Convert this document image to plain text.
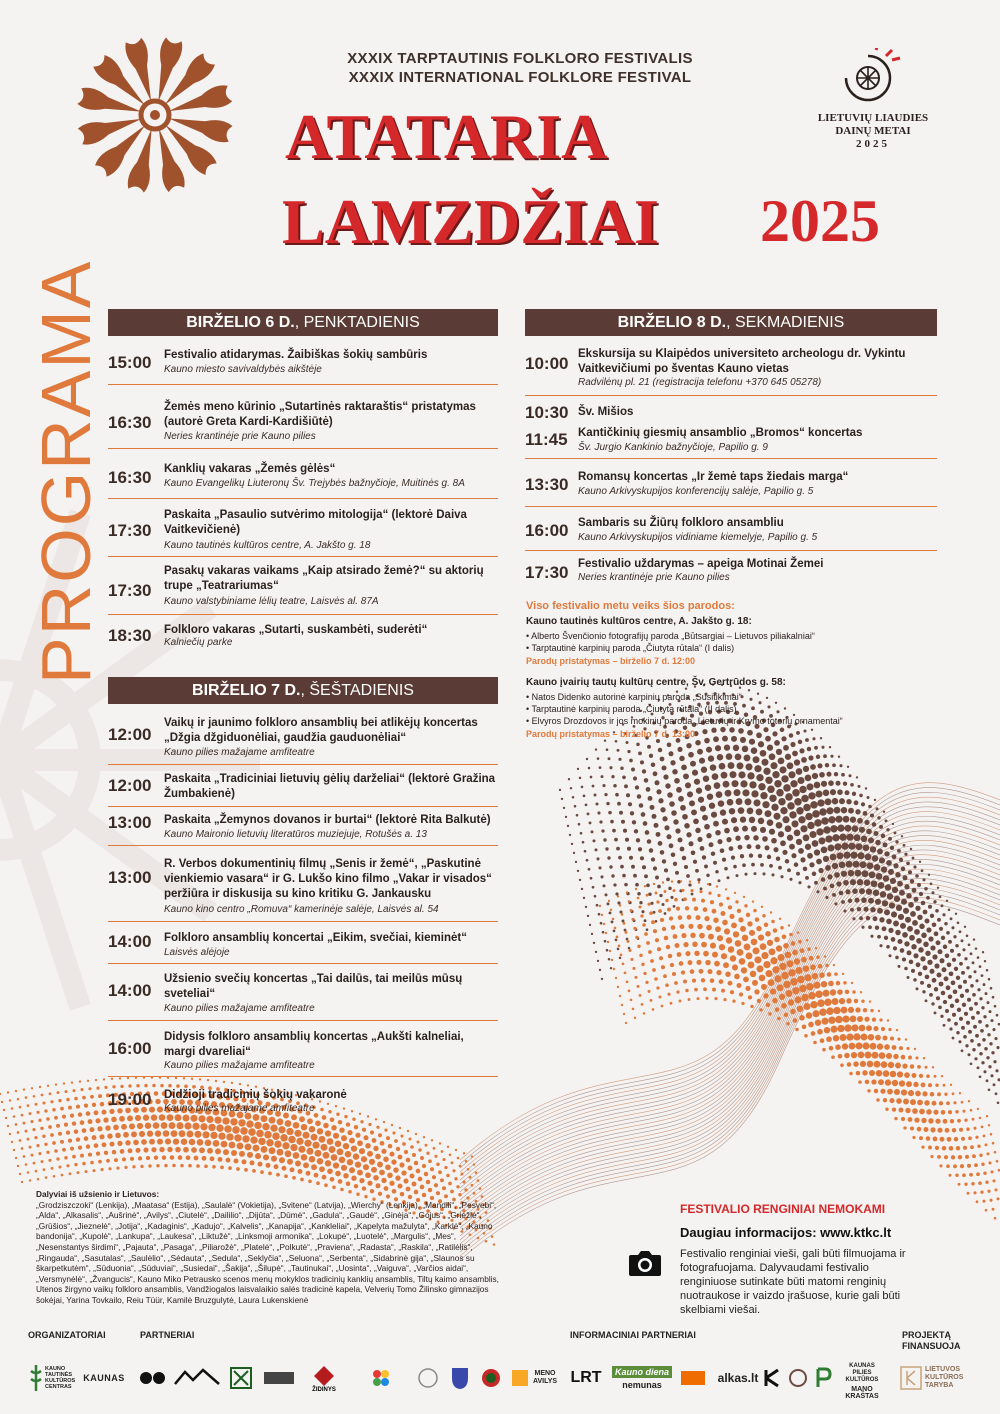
XXXIX TARPTAUTINIS FOLKLORO FESTIVALIS
XXXIX INTERNATIONAL FOLKLORE FESTIVAL
ATATARIA
LAMZDŽIAI 2025
LIETUVIŲ LIAUDIES
DAINŲ METAI
2025
PROGRAMA	BIRŽELIO 6 D., PENKTADIENIS
BIRŽELIO 7 D., ŠEŠTADIENIS
BIRŽELIO 8 D., SEKMADIENIS
15:00	Festivalio atidarymas. Žaibiškas šokių sambūris
Kauno miesto savivaldybės aikštėje
16:30
Žemės meno kūrinio „Sutartinės raktaraštis“ pristatymas (autorė Greta Kardi-Kardišiūtė)
Neries krantinėje prie Kauno pilies
16:30	Kanklių vakaras „Žemės gėlės“
Kauno Evangelikų Liuteronų Šv. Trejybės bažnyčioje, Muitinės g. 8A
17:30
Paskaita „Pasaulio sutvėrimo mitologija“ (lektorė Daiva Vaitkevičienė)
Kauno tautinės kultūros centre, A. Jakšto g. 18
17:30
Pasakų vakaras vaikams „Kaip atsirado žemė?“ su aktorių trupe „Teatrariumas“
Kauno valstybiniame lėlių teatre, Laisvės al. 87A
18:30	Folkloro vakaras „Sutarti, suskambėti, suderėti“
Kalniečių parke
12:00
Vaikų ir jaunimo folkloro ansamblių bei atlikėjų koncertas „Džgia džgiduonėliai, gaudžia gauduonėliai“
Kauno pilies mažajame amfiteatre
12:00	Paskaita „Tradiciniai lietuvių gėlių darželiai“ (lektorė Gražina Žumbakienė)
13:00	Paskaita „Žemynos dovanos ir burtai“ (lektorė Rita Balkutė)
Kauno Maironio lietuvių literatūros muziejuje, Rotušės a. 13
13:00
R. Verbos dokumentinių filmų „Senis ir žemė“, „Paskutinė vienkiemio vasara“ ir G. Lukšo kino filmo „Vakar ir visados“ peržiūra ir diskusija su kino kritiku G. Jankausku
Kauno kino centro „Romuva“ kamerinėje salėje, Laisvės al. 54
14:00	Folkloro ansamblių koncertai „Eikim, svečiai, kieminėt“
Laisvės alėjoje
14:00
Užsienio svečių koncertas „Tai dailūs, tai meilūs mūsų sveteliai“
Kauno pilies mažajame amfiteatre
16:00
Didysis folkloro ansamblių koncertas „Aukšti kalneliai, margi dvareliai“
Kauno pilies mažajame amfiteatre
19:00	Didžioji tradicinių šokių vakaronė
Kauno pilies mažajame amfiteatre
10:00 Ekskursija su Klaipėdos universiteto archeologu dr. Vykintu Vaitkevičiumi po šventas Kauno vietas
Radvilėnų pl. 21 (registracija telefonu +370 645 05278)
10:30 Šv. Mišios
11:45 Kantičkinių giesmių ansamblio „Bromos“ koncertas
Šv. Jurgio Kankinio bažnyčioje, Papilio g. 9
13:30 Romansų koncertas „Ir žemė taps žiedais marga“
Kauno Arkivyskupijos konferencijų salėje, Papilio g. 5
16:00 Sambaris su Žiūrų folkloro ansambliu
Kauno Arkivyskupijos vidiniame kiemelyje, Papilio g. 5
17:30 Festivalio uždarymas – apeiga Motinai Žemei
Neries krantinėje prie Kauno pilies
Viso festivalio metu veiks šios parodos:
Kauno tautinės kultūros centre, A. Jakšto g. 18:
• Alberto Švenčionio fotografijų paroda „Būtsargiai – Lietuvos piliakalniai“
• Tarptautinė karpinių paroda „Čiutyta rūtala“ (I dalis)
Parodų pristatymas – birželio 7 d. 12:00
Kauno įvairių tautų kultūrų centre, Šv. Gertrūdos g. 58:
• Natos Didenko autorinė karpinių paroda „Susitikimai“
• Tarptautinė karpinių paroda „Čiutyta rūtala“ (II dalis)
• Elvyros Drozdovos ir jos mokinių paroda „Lietuvių ir Krymo totorių ornamentai“
Parodų pristatymas – birželio 7 d. 13:00
Dalyviai iš užsienio ir Lietuvos:
„Grodziszczoki“ (Lenkija), „Maatasa“ (Estija), „Saulalė“ (Vokietija), „Svitene“ (Latvija), „Wierchy“ (Lenkija), „Mandili“, „Pesvebi“, „Alda“, „Alkasalis“, „Aušrinė“, „Avilys“, „Ciutelė“, „Daililio“, „Dijūta“, „Dūmė“, „Gadula“, „Gaudė“, „Ginėja“, „Gojus“, „Griežlė“, „Grūšios“, „Jieznelė“, „Jotija“, „Kadaginis“, „Kadujo“, „Kalvelis“, „Kanapija“, „Kankleliai“, „Kapelyta mažulyta“, „Karklė“, „Kauno bandonija“, „Kupolė“, „Lankupa“, „Laukesa“, „Liktužė“, „Linksmoji armonika“, „Lokupė“, „Luotelė“, „Margulis“, „Mes“, „Nesenstantys širdimi“, „Pajauta“, „Pasaga“, „Piliarožė“, „Platelė“, „Polkutė“, „Praviena“, „Radasta“, „Raskila“, „Ratilėlis“, „Ringauda“, „Sasutalas“, „Saulėlio“, „Sėdauta“, „Sedula“, „Seklyčia“, „Seluona“, „Serbenta“, „Sidabrinė gija“, „Slaunos su škarpetkutėm“, „Sūduonia“, „Sūduviai“, „Susiedai“, „Šakija“, „Šilupė“, „Tautinukai“, „Uosinta“, „Vaiguva“, „Varčios aidai“, „Versmynėlė“, „Žvangucis“, Kauno Miko Petrausko scenos menų mokyklos tradicinių kanklių ansamblis, Tiltų kaimo ansamblis, Utenos žirgyno vaikų folkloro ansamblis, Vandžiogalos laisvalaikio salės tradicinė kapela, Velverių Tomo Žilinsko gimnazijos šokėjai, Yarina Tovkailo, Reiu Tüür, Kamilė Bruzgulytė, Laura Lukenskienė
FESTIVALIO RENGINIAI NEMOKAMI
Daugiau informacijos: www.ktkc.lt
Festivalio renginiai vieši, gali būti filmuojama ir fotografuojama. Dalyvaudami festivalio renginiuose sutinkate būti matomi renginių nuotraukose ir vaizdo įrašuose, kurie gali būti skelbiami viešai.
ORGANIZATORIAI	PARTNERIAI	INFORMACINIAI PARTNERIAI	PROJEKTĄ
FINANSUOJA
KAUNO TAUTINĖS KULTŪROS CENTRAS
KAUNAS
ŽIDINYS
MENO AVILYS LRT	Kauno diena
nemunas	alkas.lt
KAUNAS PILIES KULTŪROS
MANO KRAŠTAS
LIETUVOS KULTŪROS TARYBA
